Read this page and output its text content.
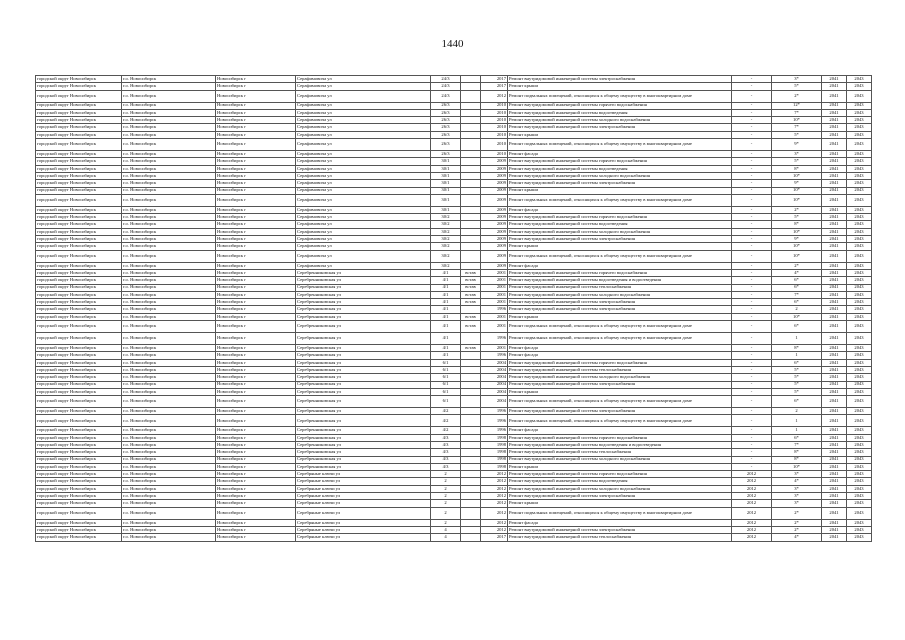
1440
городской округ Новосибирск	г.о. Новосибирск	Новосибирск г	Серафимовича ул	24/3		2017	Ремонт внутридомовой инженерной системы электроснабжения	-	3*	2041	2043
городской округ Новосибирск	г.о. Новосибирск	Новосибирск г	Серафимовича ул	24/3		2017	Ремонт крыши	-	5*	2041	2043
городской округ Новосибирск	г.о. Новосибирск	Новосибирск г	Серафимовича ул	24/3		2012	Ремонт подвальных помещений, относящихся к общему имуществу в многоквартирном доме	-	2*	2041	2043
городской округ Новосибирск	г.о. Новосибирск	Новосибирск г	Серафимовича ул	26/3		2010	Ремонт внутридомовой инженерной системы горячего водоснабжения	-	12*	2041	2043
городской округ Новосибирск	г.о. Новосибирск	Новосибирск г	Серафимовича ул	26/3		2010	Ремонт внутридомовой инженерной системы водоотведения	-	7*	2041	2043
городской округ Новосибирск	г.о. Новосибирск	Новосибирск г	Серафимовича ул	26/3		2010	Ремонт внутридомовой инженерной системы холодного водоснабжения	-	10*	2041	2043
городской округ Новосибирск	г.о. Новосибирск	Новосибирск г	Серафимовича ул	26/3		2010	Ремонт внутридомовой инженерной системы электроснабжения	-	7*	2041	2043
городской округ Новосибирск	г.о. Новосибирск	Новосибирск г	Серафимовича ул	26/3		2010	Ремонт крыши	-	5*	2041	2043
городской округ Новосибирск	г.о. Новосибирск	Новосибирск г	Серафимовича ул	26/3		2010	Ремонт подвальных помещений, относящихся к общему имуществу в многоквартирном доме	-	9*	2041	2043
городской округ Новосибирск	г.о. Новосибирск	Новосибирск г	Серафимовича ул	26/3		2010	Ремонт фасада	-	3*	2041	2043
городской округ Новосибирск	г.о. Новосибирск	Новосибирск г	Серафимовича ул	30/1		2009	Ремонт внутридомовой инженерной системы горячего водоснабжения	-	5*	2041	2043
городской округ Новосибирск	г.о. Новосибирск	Новосибирск г	Серафимовича ул	30/1		2009	Ремонт внутридомовой инженерной системы водоотведения	-	8*	2041	2043
городской округ Новосибирск	г.о. Новосибирск	Новосибирск г	Серафимовича ул	30/1		2009	Ремонт внутридомовой инженерной системы холодного водоснабжения	-	10*	2041	2043
городской округ Новосибирск	г.о. Новосибирск	Новосибирск г	Серафимовича ул	30/1		2009	Ремонт внутридомовой инженерной системы электроснабжения	-	9*	2041	2043
городской округ Новосибирск	г.о. Новосибирск	Новосибирск г	Серафимовича ул	30/1		2009	Ремонт крыши	-	10*	2041	2043
городской округ Новосибирск	г.о. Новосибирск	Новосибирск г	Серафимовича ул	30/1		2009	Ремонт подвальных помещений, относящихся к общему имуществу в многоквартирном доме	-	10*	2041	2043
городской округ Новосибирск	г.о. Новосибирск	Новосибирск г	Серафимовича ул	30/1		2009	Ремонт фасада	-	2*	2041	2043
городской округ Новосибирск	г.о. Новосибирск	Новосибирск г	Серафимовича ул	30/2		2009	Ремонт внутридомовой инженерной системы горячего водоснабжения	-	5*	2041	2043
городской округ Новосибирск	г.о. Новосибирск	Новосибирск г	Серафимовича ул	30/2		2009	Ремонт внутридомовой инженерной системы водоотведения	-	8*	2041	2043
городской округ Новосибирск	г.о. Новосибирск	Новосибирск г	Серафимовича ул	30/2		2009	Ремонт внутридомовой инженерной системы холодного водоснабжения	-	10*	2041	2043
городской округ Новосибирск	г.о. Новосибирск	Новосибирск г	Серафимовича ул	30/2		2009	Ремонт внутридомовой инженерной системы электроснабжения	-	9*	2041	2043
городской округ Новосибирск	г.о. Новосибирск	Новосибирск г	Серафимовича ул	30/2		2009	Ремонт крыши	-	10*	2041	2043
городской округ Новосибирск	г.о. Новосибирск	Новосибирск г	Серафимовича ул	30/2		2009	Ремонт подвальных помещений, относящихся к общему имуществу в многоквартирном доме	-	10*	2041	2043
городской округ Новосибирск	г.о. Новосибирск	Новосибирск г	Серафимовича ул	30/2		2009	Ремонт фасада	-	2*	2041	2043
городской округ Новосибирск	г.о. Новосибирск	Новосибирск г	Серебренниковская ул	4/1	встав	2001	Ремонт внутридомовой инженерной системы горячего водоснабжения	-	4*	2041	2043
городской округ Новосибирск	г.о. Новосибирск	Новосибирск г	Серебренниковская ул	4/1	встав	2001	Ремонт внутридомовой инженерной системы водоотведения и водоотведения	-	6*	2041	2043
городской округ Новосибирск	г.о. Новосибирск	Новосибирск г	Серебренниковская ул	4/1	встав	2001	Ремонт внутридомовой инженерной системы теплоснабжения	-	6*	2041	2043
городской округ Новосибирск	г.о. Новосибирск	Новосибирск г	Серебренниковская ул	4/1	встав	2001	Ремонт внутридомовой инженерной системы холодного водоснабжения	-	7*	2041	2043
городской округ Новосибирск	г.о. Новосибирск	Новосибирск г	Серебренниковская ул	4/1	встав	2001	Ремонт внутридомовой инженерной системы электроснабжения	-	6*	2041	2043
городской округ Новосибирск	г.о. Новосибирск	Новосибирск г	Серебренниковская ул	4/1		1996	Ремонт внутридомовой инженерной системы электроснабжения	-	2	2041	2043
городской округ Новосибирск	г.о. Новосибирск	Новосибирск г	Серебренниковская ул	4/1	встав	2001	Ремонт крыши	-	10*	2041	2043
городской округ Новосибирск	г.о. Новосибирск	Новосибирск г	Серебренниковская ул	4/1	встав	2001	Ремонт подвальных помещений, относящихся к общему имуществу в многоквартирном доме	-	6*	2041	2043
городской округ Новосибирск	г.о. Новосибирск	Новосибирск г	Серебренниковская ул	4/1		1996	Ремонт подвальных помещений, относящихся к общему имуществу в многоквартирном доме	-	1	2041	2043
городской округ Новосибирск	г.о. Новосибирск	Новосибирск г	Серебренниковская ул	4/1	встав	2001	Ремонт фасада	-	8*	2041	2043
городской округ Новосибирск	г.о. Новосибирск	Новосибирск г	Серебренниковская ул	4/1		1996	Ремонт фасада	-	1	2041	2043
городской округ Новосибирск	г.о. Новосибирск	Новосибирск г	Серебренниковская ул	6/1		2004	Ремонт внутридомовой инженерной системы горячего водоснабжения	-	6*	2041	2043
городской округ Новосибирск	г.о. Новосибирск	Новосибирск г	Серебренниковская ул	6/1		2004	Ремонт внутридомовой инженерной системы теплоснабжения	-	5*	2041	2043
городской округ Новосибирск	г.о. Новосибирск	Новосибирск г	Серебренниковская ул	6/1		2004	Ремонт внутридомовой инженерной системы холодного водоснабжения	-	5*	2041	2043
городской округ Новосибирск	г.о. Новосибирск	Новосибирск г	Серебренниковская ул	6/1		2004	Ремонт внутридомовой инженерной системы электроснабжения	-	5*	2041	2043
городской округ Новосибирск	г.о. Новосибирск	Новосибирск г	Серебренниковская ул	6/1		2004	Ремонт крыши	-	5*	2041	2043
городской округ Новосибирск	г.о. Новосибирск	Новосибирск г	Серебренниковская ул	6/1		2004	Ремонт подвальных помещений, относящихся к общему имуществу в многоквартирном доме	-	6*	2041	2043
городской округ Новосибирск	г.о. Новосибирск	Новосибирск г	Серебренниковская ул	4/2		1996	Ремонт внутридомовой инженерной системы электроснабжения	-	2	2041	2043
городской округ Новосибирск	г.о. Новосибирск	Новосибирск г	Серебренниковская ул	4/2		1996	Ремонт подвальных помещений, относящихся к общему имуществу в многоквартирном доме	-	1	2041	2043
городской округ Новосибирск	г.о. Новосибирск	Новосибирск г	Серебренниковская ул	4/2		1996	Ремонт фасада	-	1	2041	2043
городской округ Новосибирск	г.о. Новосибирск	Новосибирск г	Серебренниковская ул	4/3		1998	Ремонт внутридомовой инженерной системы горячего водоснабжения	-	6*	2041	2043
городской округ Новосибирск	г.о. Новосибирск	Новосибирск г	Серебренниковская ул	4/3		1998	Ремонт внутридомовой инженерной системы водоотведения и водоотведения	-	7*	2041	2043
городской округ Новосибирск	г.о. Новосибирск	Новосибирск г	Серебренниковская ул	4/3		1998	Ремонт внутридомовой инженерной системы теплоснабжения	-	8*	2041	2043
городской округ Новосибирск	г.о. Новосибирск	Новосибирск г	Серебренниковская ул	4/3		1998	Ремонт внутридомовой инженерной системы холодного водоснабжения	-	8*	2041	2043
городской округ Новосибирск	г.о. Новосибирск	Новосибирск г	Серебренниковская ул	4/3		1998	Ремонт крыши	-	10*	2041	2043
городской округ Новосибирск	г.о. Новосибирск	Новосибирск г	Серебряные ключи ул	2		2012	Ремонт внутридомовой инженерной системы горячего водоснабжения	2012	3*	2041	2043
городской округ Новосибирск	г.о. Новосибирск	Новосибирск г	Серебряные ключи ул	2		2012	Ремонт внутридомовой инженерной системы водоотведения	2012	4*	2041	2043
городской округ Новосибирск	г.о. Новосибирск	Новосибирск г	Серебряные ключи ул	2		2012	Ремонт внутридомовой инженерной системы холодного водоснабжения	2012	3*	2041	2043
городской округ Новосибирск	г.о. Новосибирск	Новосибирск г	Серебряные ключи ул	2		2012	Ремонт внутридомовой инженерной системы электроснабжения	2012	3*	2041	2043
городской округ Новосибирск	г.о. Новосибирск	Новосибирск г	Серебряные ключи ул	2		2012	Ремонт крыши	2012	3*	2041	2043
городской округ Новосибирск	г.о. Новосибирск	Новосибирск г	Серебряные ключи ул	2		2012	Ремонт подвальных помещений, относящихся к общему имуществу в многоквартирном доме	2012	2*	2041	2043
городской округ Новосибирск	г.о. Новосибирск	Новосибирск г	Серебряные ключи ул	2		2012	Ремонт фасада	2012	2*	2041	2043
городской округ Новосибирск	г.о. Новосибирск	Новосибирск г	Серебряные ключи ул	4		2012	Ремонт внутридомовой инженерной системы электроснабжения	2012	2*	2041	2043
городской округ Новосибирск	г.о. Новосибирск	Новосибирск г	Серебряные ключи ул	4		2017	Ремонт внутридомовой инженерной системы теплоснабжения	2012	4*	2041	2043
